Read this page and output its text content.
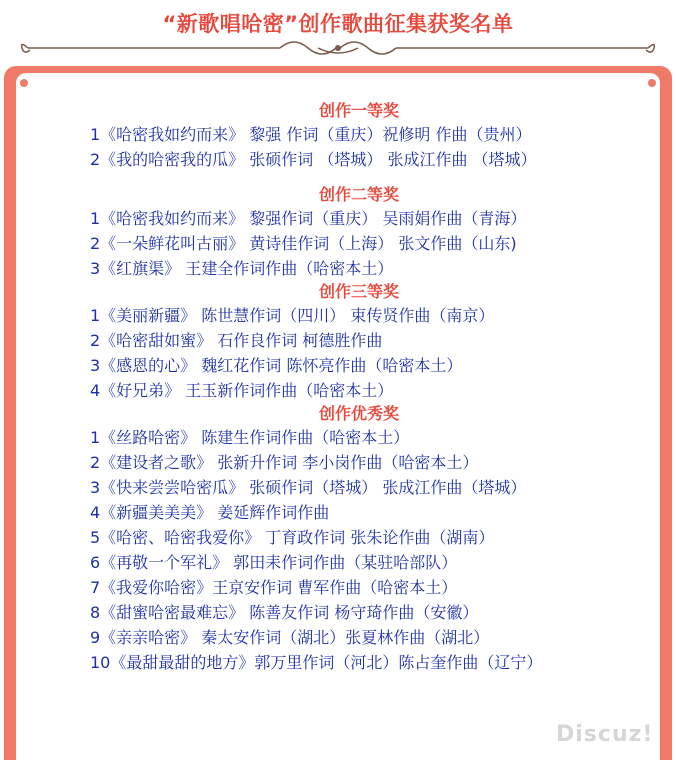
“新歌唱哈密”创作歌曲征集获奖名单
创作一等奖
1《哈密我如约而来》 黎强 作词（重庆）祝修明 作曲（贵州）
2《我的哈密我的瓜》 张硕作词 （塔城） 张成江作曲 （塔城）
创作二等奖
1《哈密我如约而来》 黎强作词（重庆） 吴雨娟作曲（青海）
2《一朵鲜花叫古丽》 黄诗佳作词（上海） 张文作曲（山东)
3《红旗渠》 王建全作词作曲（哈密本土）
创作三等奖
1《美丽新疆》 陈世慧作词（四川） 束传贤作曲（南京）
2《哈密甜如蜜》 石作良作词 柯德胜作曲
3《感恩的心》 魏红花作词 陈怀亮作曲（哈密本土）
4《好兄弟》 王玉新作词作曲（哈密本土）
创作优秀奖
1《丝路哈密》 陈建生作词作曲（哈密本土）
2《建设者之歌》 张新升作词 李小岗作曲（哈密本土）
3《快来尝尝哈密瓜》 张硕作词（塔城） 张成江作曲（塔城）
4《新疆美美美》 姜延辉作词作曲
5《哈密、哈密我爱你》 丁育政作词 张朱论作曲（湖南）
6《再敬一个军礼》 郭田耒作词作曲（某驻哈部队）
7《我爱你哈密》王京安作词 曹军作曲（哈密本土）
8《甜蜜哈密最难忘》 陈善友作词 杨守琦作曲（安徽）
9《亲亲哈密》 秦太安作词（湖北）张夏林作曲（湖北）
10《最甜最甜的地方》郭万里作词（河北）陈占奎作曲（辽宁）
Discuz!
